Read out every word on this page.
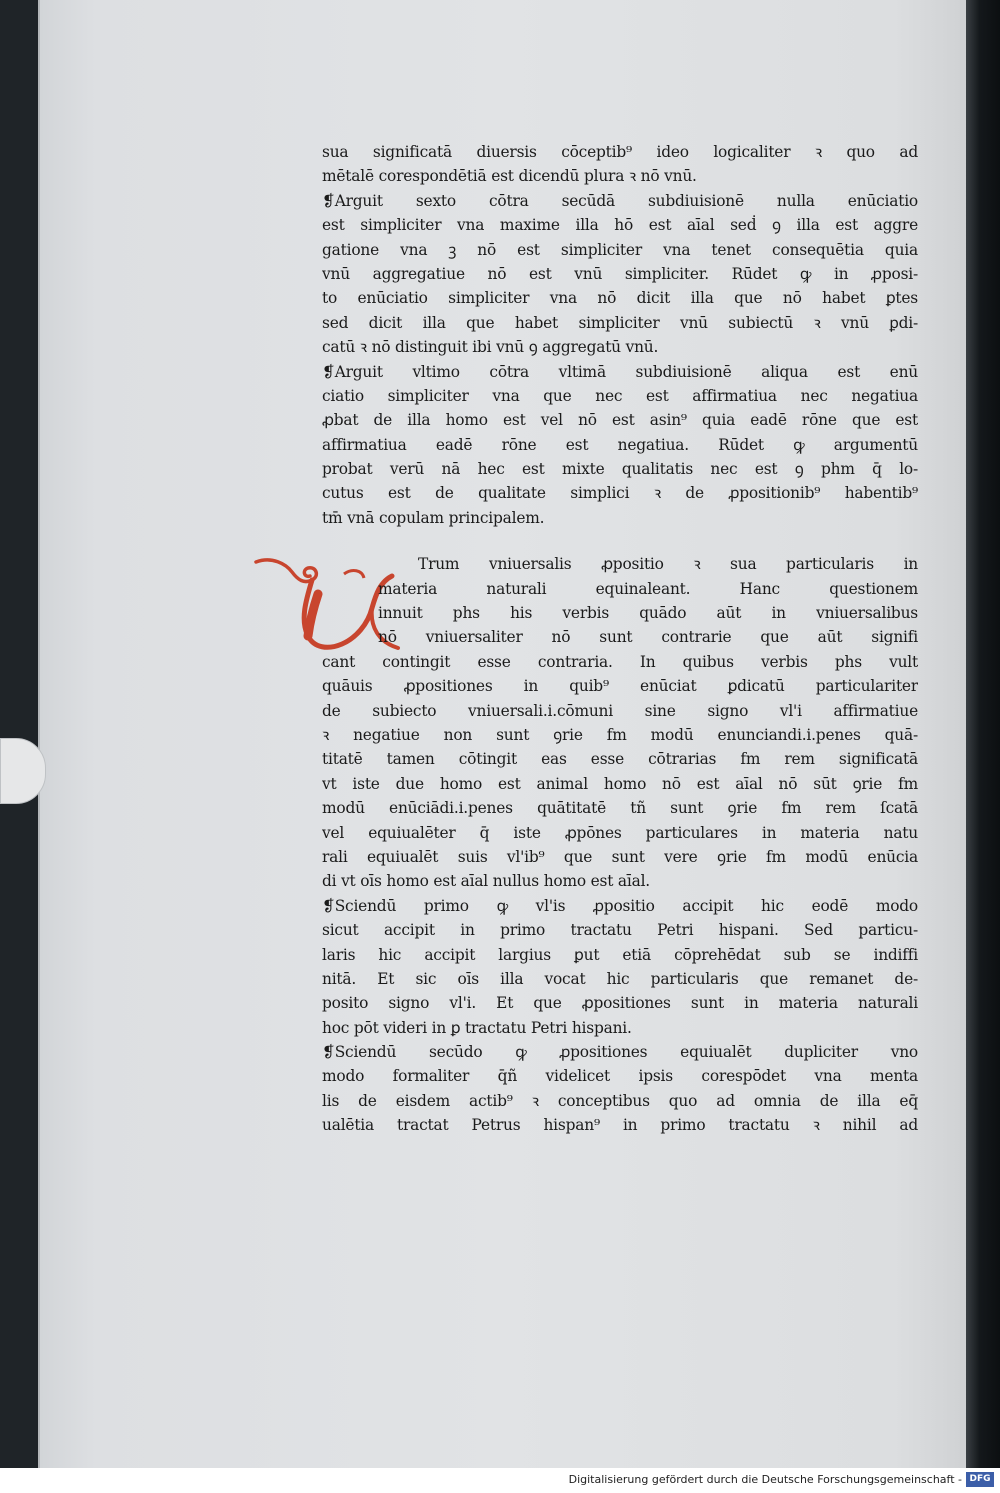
sua significatā diuersis cōceptib⁹ ideo logicaliter ꝛ quo ad
mētalē corespondētiā est dicendū plura ꝛ nō vnū.
❡Arguit sexto cōtra secūdā subdiuisionē nulla enūciatio
est simpliciter vna maxime illa hō est aīal seḋ ꝯ illa est aggre
gatione vna ꝫ nō est simpliciter vna tenet consequētia quia
vnū aggregatiue nō est vnū simpliciter. Rūdet ꝙ in ꝓposi-
to enūciatio simpliciter vna nō dicit illa que nō habet ꝑtes
sed dicit illa que habet simpliciter vnū subiectū ꝛ vnū ꝑdi-
catū ꝛ nō distinguit ibi vnū ꝯ aggregatū vnū.
❡Arguit vltimo cōtra vltimā subdiuisionē aliqua est enū
ciatio simpliciter vna que nec est affirmatiua nec negatiua
ꝓbat de illa homo est vel nō est asin⁹ quia eadē rōne que est
affirmatiua eadē rōne est negatiua. Rūdet ꝙ argumentū
probat verū nā hec est mixte qualitatis nec est ꝯ phm q̄ lo-
cutus est de qualitate simplici ꝛ de ꝓpositionib⁹ habentib⁹
tm̄ vnā copulam principalem.
Trum vniuersalis ꝓpositio ꝛ sua particularis in
materia naturali equinaleant. Hanc questionem
innuit phs his verbis quādo aūt in vniuersalibus
nō vniuersaliter nō sunt contrarie que aūt signifi
cant contingit esse contraria. In quibus verbis phs vult
quāuis ꝓpositiones in quib⁹ enūciat ꝑdicatū particulariter
de subiecto vniuersali.i.cōmuni sine signo vl'i affirmatiue
ꝛ negatiue non sunt ꝯrie fm modū enunciandi.i.penes quā-
titatē tamen cōtingit eas esse cōtrarias fm rem significatā
vt iste due homo est animal homo nō est aīal nō sūt ꝯrie fm
modū enūciādi.i.penes quātitatē tñ sunt ꝯrie fm rem ſcatā
vel equiualēter q̄ iste ꝓpōnes particulares in materia natu
rali equiualēt suis vl'ib⁹ que sunt vere ꝯrie fm modū enūcia
di vt oīs homo est aīal nullus homo est aīal.
❡Sciendū primo ꝙ vl'is ꝓpositio accipit hic eodē modo
sicut accipit in primo tractatu Petri hispani. Sed particu-
laris hic accipit largius ꝑut etiā cōprehēdat sub se indiffi
nitā. Et sic oīs illa vocat hic particularis que remanet de-
posito signo vl'i. Et que ꝓpositiones sunt in materia naturali
hoc pōt videri in ꝑ tractatu Petri hispani.
❡Sciendū secūdo ꝙ ꝓpositiones equiualēt dupliciter vno
modo formaliter q̄ñ videlicet ipsis corespōdet vna menta
lis de eisdem actib⁹ ꝛ conceptibus quo ad omnia de illa eq̄
ualētia tractat Petrus hispan⁹ in primo tractatu ꝛ nihil ad
Digitalisierung gefördert durch die Deutsche Forschungsgemeinschaft - DFG
